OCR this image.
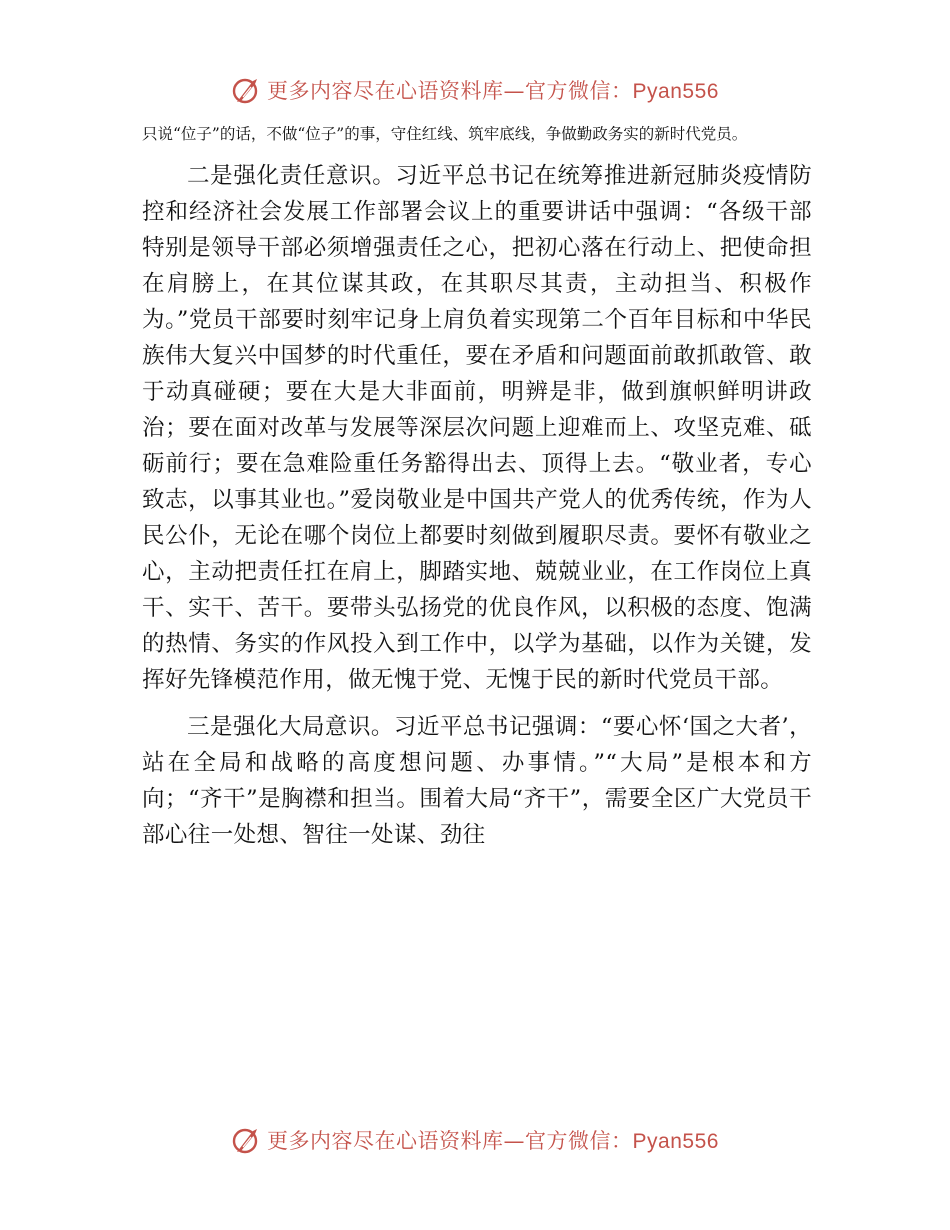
更多内容尽在心语资料库—官方微信：Pyan556

只说“位子”的话，不做“位子”的事，守住红线、筑牢底线，争做勤政务实的新时代党员。

二是强化责任意识。习近平总书记在统筹推进新冠肺炎疫情防控和经济社会发展工作部署会议上的重要讲话中强调：“各级干部特别是领导干部必须增强责任之心，把初心落在行动上、把使命担在肩膀上，在其位谋其政，在其职尽其责，主动担当、积极作为。”党员干部要时刻牢记身上肩负着实现第二个百年目标和中华民族伟大复兴中国梦的时代重任，要在矛盾和问题面前敢抓敢管、敢于动真碰硬；要在大是大非面前，明辨是非，做到旗帜鲜明讲政治；要在面对改革与发展等深层次问题上迎难而上、攻坚克难、砥砺前行；要在急难险重任务豁得出去、顶得上去。“敬业者，专心致志，以事其业也。”爱岗敬业是中国共产党人的优秀传统，作为人民公仆，无论在哪个岗位上都要时刻做到履职尽责。要怀有敬业之心，主动把责任扛在肩上，脚踏实地、兢兢业业，在工作岗位上真干、实干、苦干。要带头弘扬党的优良作风，以积极的态度、饱满的热情、务实的作风投入到工作中，以学为基础，以作为关键，发挥好先锋模范作用，做无愧于党、无愧于民的新时代党员干部。

三是强化大局意识。习近平总书记强调：“要心怀‘国之大者’，站在全局和战略的高度想问题、办事情。”“大局”是根本和方向；“齐干”是胸襟和担当。围着大局“齐干”，需要全区广大党员干部心往一处想、智往一处谋、劲往

更多内容尽在心语资料库—官方微信：Pyan556
